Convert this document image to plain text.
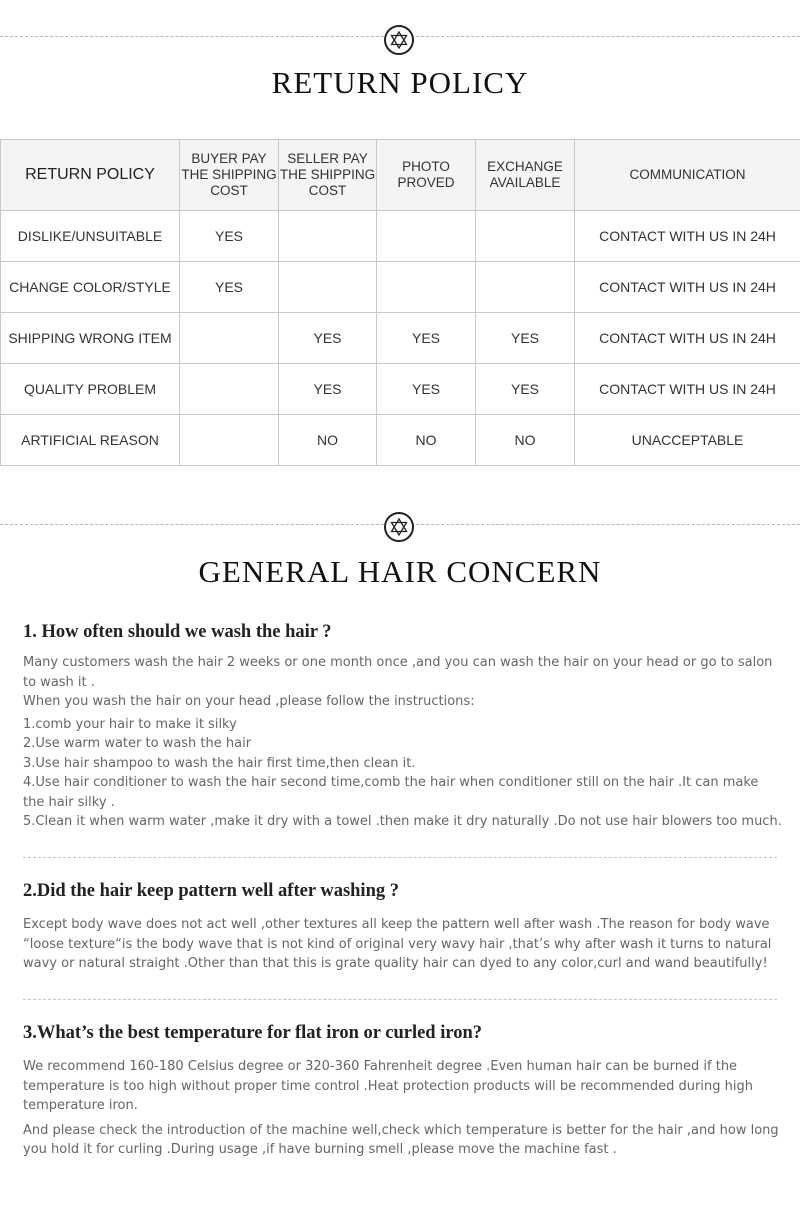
RETURN POLICY
RETURN POLICY	BUYER PAY THE SHIPPING COST	SELLER PAY THE SHIPPING COST	PHOTO PROVED	EXCHANGE AVAILABLE	COMMUNICATION
DISLIKE/UNSUITABLE	YES				CONTACT WITH US IN 24H
CHANGE COLOR/STYLE	YES				CONTACT WITH US IN 24H
SHIPPING WRONG ITEM		YES	YES	YES	CONTACT WITH US IN 24H
QUALITY PROBLEM		YES	YES	YES	CONTACT WITH US IN 24H
ARTIFICIAL REASON		NO	NO	NO	UNACCEPTABLE
GENERAL HAIR CONCERN
1. How often should we wash the hair ?
Many customers wash the hair 2 weeks or one month once ,and you can wash the hair on your head or go to salon to wash it .
When you wash the hair on your head ,please follow the instructions:
1.comb your hair to make it silky
2.Use warm water to wash the hair
3.Use hair shampoo to wash the hair first time,then clean it.
4.Use hair conditioner to wash the hair second time,comb the hair when conditioner still on the hair .It can make the hair silky .
5.Clean it when warm water ,make it dry with a towel .then make it dry naturally .Do not use hair blowers too much.
2.Did the hair keep pattern well after washing ?
Except body wave does not act well ,other textures all keep the pattern well after wash .The reason for body wave “loose texture“is the body wave that is not kind of original very wavy hair ,that’s why after wash it turns to natural wavy or natural straight .Other than that this is grate quality hair can dyed to any color,curl and wand beautifully!
3.What’s the best temperature for flat iron or curled iron?
We recommend 160-180 Celsius degree or 320-360 Fahrenheit degree .Even human hair can be burned if the temperature is too high without proper time control .Heat protection products will be recommended during high temperature iron.
And please check the introduction of the machine well,check which temperature is better for the hair ,and how long you hold it for curling .During usage ,if have burning smell ,please move the machine fast .
